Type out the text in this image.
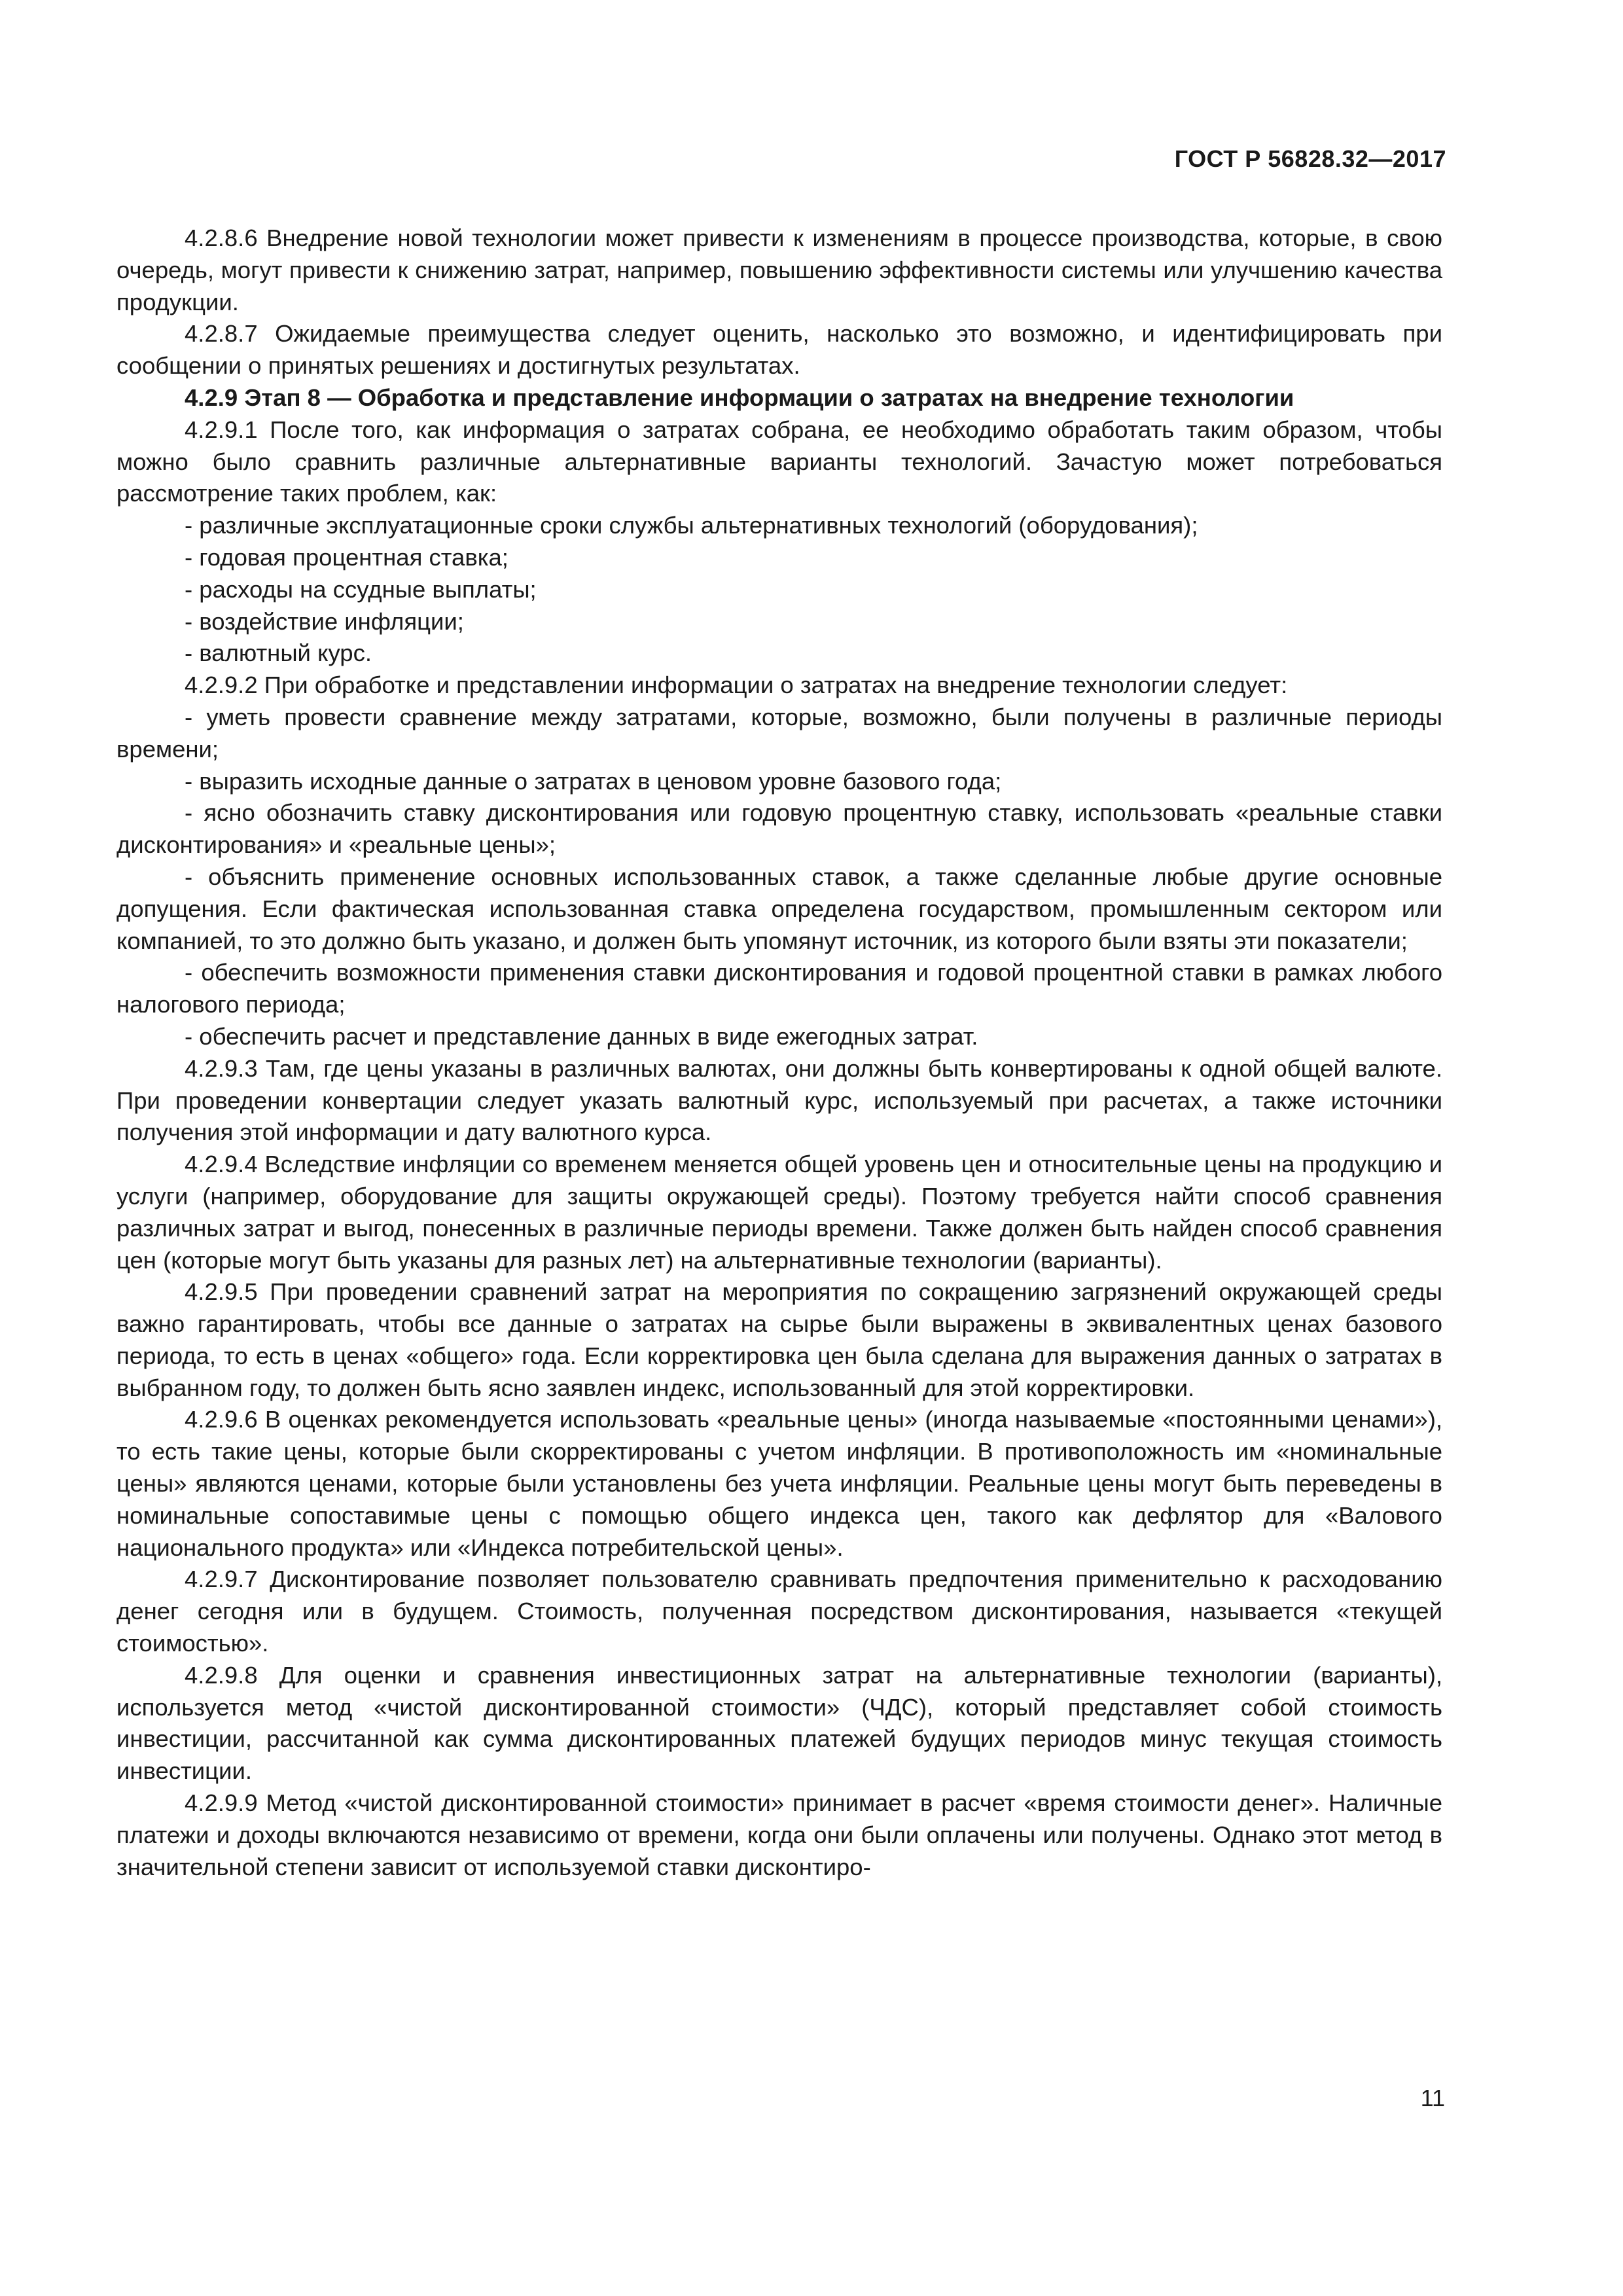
ГОСТ Р 56828.32—2017

4.2.8.6 Внедрение новой технологии может привести к изменениям в процессе производства, которые, в свою очередь, могут привести к снижению затрат, например, повышению эффективности системы или улучшению качества продукции.

4.2.8.7 Ожидаемые преимущества следует оценить, насколько это возможно, и идентифицировать при сообщении о принятых решениях и достигнутых результатах.

4.2.9 Этап 8 — Обработка и представление информации о затратах на внедрение технологии

4.2.9.1 После того, как информация о затратах собрана, ее необходимо обработать таким образом, чтобы можно было сравнить различные альтернативные варианты технологий. Зачастую может потребоваться рассмотрение таких проблем, как:

- различные эксплуатационные сроки службы альтернативных технологий (оборудования);

- годовая процентная ставка;

- расходы на ссудные выплаты;

- воздействие инфляции;

- валютный курс.

4.2.9.2 При обработке и представлении информации о затратах на внедрение технологии следует:

- уметь провести сравнение между затратами, которые, возможно, были получены в различные периоды времени;

- выразить исходные данные о затратах в ценовом уровне базового года;

- ясно обозначить ставку дисконтирования или годовую процентную ставку, использовать «реальные ставки дисконтирования» и «реальные цены»;

- объяснить применение основных использованных ставок, а также сделанные любые другие основные допущения. Если фактическая использованная ставка определена государством, промышленным сектором или компанией, то это должно быть указано, и должен быть упомянут источник, из которого были взяты эти показатели;

- обеспечить возможности применения ставки дисконтирования и годовой процентной ставки в рамках любого налогового периода;

- обеспечить расчет и представление данных в виде ежегодных затрат.

4.2.9.3 Там, где цены указаны в различных валютах, они должны быть конвертированы к одной общей валюте. При проведении конвертации следует указать валютный курс, используемый при расчетах, а также источники получения этой информации и дату валютного курса.

4.2.9.4 Вследствие инфляции со временем меняется общей уровень цен и относительные цены на продукцию и услуги (например, оборудование для защиты окружающей среды). Поэтому требуется найти способ сравнения различных затрат и выгод, понесенных в различные периоды времени. Также должен быть найден способ сравнения цен (которые могут быть указаны для разных лет) на альтернативные технологии (варианты).

4.2.9.5 При проведении сравнений затрат на мероприятия по сокращению загрязнений окружающей среды важно гарантировать, чтобы все данные о затратах на сырье были выражены в эквивалентных ценах базового периода, то есть в ценах «общего» года. Если корректировка цен была сделана для выражения данных о затратах в выбранном году, то должен быть ясно заявлен индекс, использованный для этой корректировки.

4.2.9.6 В оценках рекомендуется использовать «реальные цены» (иногда называемые «постоянными ценами»), то есть такие цены, которые были скорректированы с учетом инфляции. В противоположность им «номинальные цены» являются ценами, которые были установлены без учета инфляции. Реальные цены могут быть переведены в номинальные сопоставимые цены с помощью общего индекса цен, такого как дефлятор для «Валового национального продукта» или «Индекса потребительской цены».

4.2.9.7 Дисконтирование позволяет пользователю сравнивать предпочтения применительно к расходованию денег сегодня или в будущем. Стоимость, полученная посредством дисконтирования, называется «текущей стоимостью».

4.2.9.8 Для оценки и сравнения инвестиционных затрат на альтернативные технологии (варианты), используется метод «чистой дисконтированной стоимости» (ЧДС), который представляет собой стоимость инвестиции, рассчитанной как сумма дисконтированных платежей будущих периодов минус текущая стоимость инвестиции.

4.2.9.9 Метод «чистой дисконтированной стоимости» принимает в расчет «время стоимости денег». Наличные платежи и доходы включаются независимо от времени, когда они были оплачены или получены. Однако этот метод в значительной степени зависит от используемой ставки дисконтиро-

11
